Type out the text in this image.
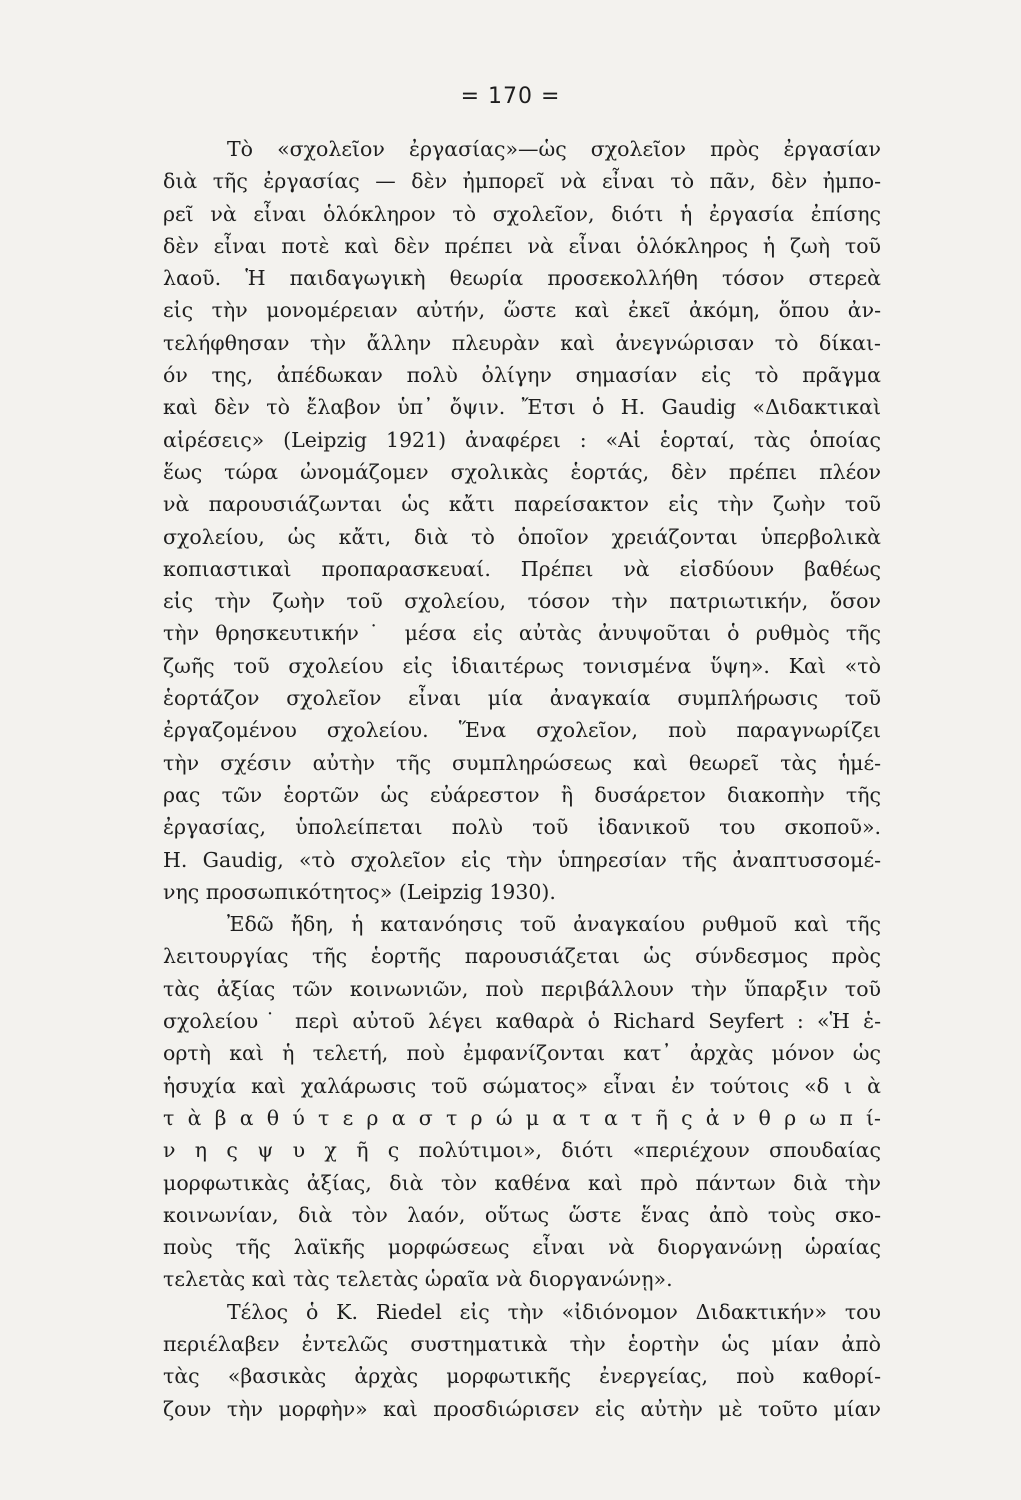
= 170 =
Τὸ «σχολεῖον ἐργασίας»—ὡς σχολεῖον πρὸς ἐργασίαν
διὰ τῆς ἐργασίας — δὲν ἠμπορεῖ νὰ εἶναι τὸ πᾶν, δὲν ἠμπο-
ρεῖ νὰ εἶναι ὁλόκληρον τὸ σχολεῖον, διότι ἡ ἐργασία ἐπίσης
δὲν εἶναι ποτὲ καὶ δὲν πρέπει νὰ εἶναι ὁλόκληρος ἡ ζωὴ τοῦ
λαοῦ. Ἡ παιδαγωγικὴ θεωρία προσεκολλήθη τόσον στερεὰ
εἰς τὴν μονομέρειαν αὐτήν, ὥστε καὶ ἐκεῖ ἀκόμη, ὅπου ἀν-
τελήφθησαν τὴν ἄλλην πλευρὰν καὶ ἀνεγνώρισαν τὸ δίκαι-
όν της, ἀπέδωκαν πολὺ ὀλίγην σημασίαν εἰς τὸ πρᾶγμα
καὶ δὲν τὸ ἔλαβον ὑπ᾽ ὄψιν. Ἔτσι ὁ H. Gaudig «Διδακτικαὶ
αἱρέσεις» (Leipzig 1921) ἀναφέρει : «Αἱ ἑορταί, τὰς ὁποίας
ἕως τώρα ὠνομάζομεν σχολικὰς ἑορτάς, δὲν πρέπει πλέον
νὰ παρουσιάζωνται ὡς κἄτι παρείσακτον εἰς τὴν ζωὴν τοῦ
σχολείου, ὡς κἄτι, διὰ τὸ ὁποῖον χρειάζονται ὑπερβολικὰ
κοπιαστικαὶ προπαρασκευαί. Πρέπει νὰ εἰσδύουν βαθέως
εἰς τὴν ζωὴν τοῦ σχολείου, τόσον τὴν πατριωτικήν, ὅσον
τὴν θρησκευτικήν˙ μέσα εἰς αὐτὰς ἀνυψοῦται ὁ ρυθμὸς τῆς
ζωῆς τοῦ σχολείου εἰς ἰδιαιτέρως τονισμένα ὕψη». Καὶ «τὸ
ἑορτάζον σχολεῖον εἶναι μία ἀναγκαία συμπλήρωσις τοῦ
ἐργαζομένου σχολείου. Ἕνα σχολεῖον, ποὺ παραγνωρίζει
τὴν σχέσιν αὐτὴν τῆς συμπληρώσεως καὶ θεωρεῖ τὰς ἡμέ-
ρας τῶν ἑορτῶν ὡς εὐάρεστον ἢ δυσάρετον διακοπὴν τῆς
ἐργασίας, ὑπολείπεται πολὺ τοῦ ἰδανικοῦ του σκοποῦ».
H. Gaudig, «τὸ σχολεῖον εἰς τὴν ὑπηρεσίαν τῆς ἀναπτυσσομέ-
νης προσωπικότητος» (Leipzig 1930).
Ἐδῶ ἤδη, ἡ κατανόησις τοῦ ἀναγκαίου ρυθμοῦ καὶ τῆς
λειτουργίας τῆς ἑορτῆς παρουσιάζεται ὡς σύνδεσμος πρὸς
τὰς ἀξίας τῶν κοινωνιῶν, ποὺ περιβάλλουν τὴν ὕπαρξιν τοῦ
σχολείου˙ περὶ αὐτοῦ λέγει καθαρὰ ὁ Richard Seyfert : «Ἡ ἑ-
ορτὴ καὶ ἡ τελετή, ποὺ ἐμφανίζονται κατ᾽ ἀρχὰς μόνον ὡς
ἡσυχία καὶ χαλάρωσις τοῦ σώματος» εἶναι ἐν τούτοις «δ ι ὰ
τ ὰ β α θ ύ τ ε ρ α σ τ ρ ώ μ α τ α τ ῆ ς ἀ ν θ ρ ω π ί-
ν η ς ψ υ χ ῆ ς πολύτιμοι», διότι «περιέχουν σπουδαίας
μορφωτικὰς ἀξίας, διὰ τὸν καθένα καὶ πρὸ πάντων διὰ τὴν
κοινωνίαν, διὰ τὸν λαόν, οὕτως ὥστε ἕνας ἀπὸ τοὺς σκο-
ποὺς τῆς λαϊκῆς μορφώσεως εἶναι νὰ διοργανώνῃ ὡραίας
τελετὰς καὶ τὰς τελετὰς ὡραῖα νὰ διοργανώνῃ».
Τέλος ὁ K. Riedel εἰς τὴν «ἰδιόνομον Διδακτικήν» του
περιέλαβεν ἐντελῶς συστηματικὰ τὴν ἑορτὴν ὡς μίαν ἀπὸ
τὰς «βασικὰς ἀρχὰς μορφωτικῆς ἐνεργείας, ποὺ καθορί-
ζουν τὴν μορφὴν» καὶ προσδιώρισεν εἰς αὐτὴν μὲ τοῦτο μίαν
